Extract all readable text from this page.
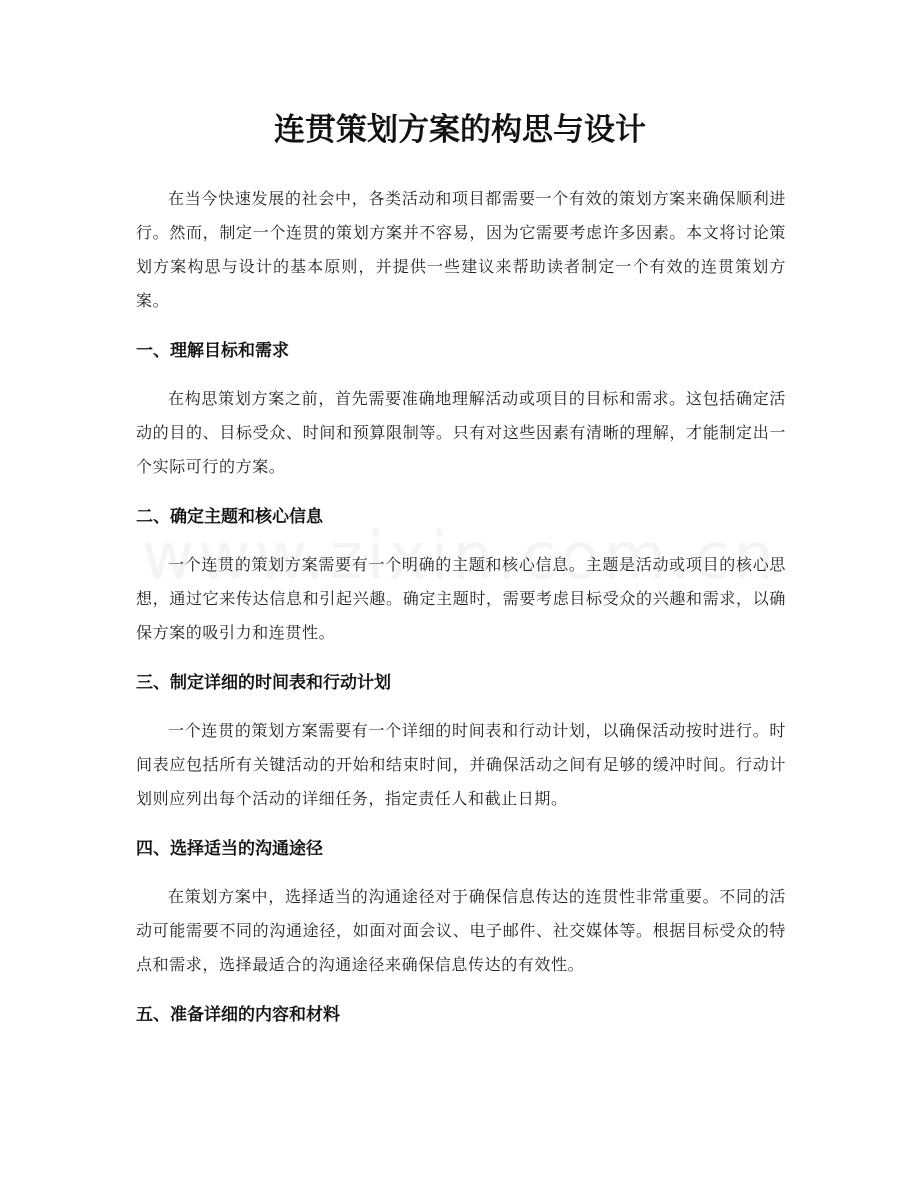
连贯策划方案的构思与设计

在当今快速发展的社会中，各类活动和项目都需要一个有效的策划方案来确保顺利进行。然而，制定一个连贯的策划方案并不容易，因为它需要考虑许多因素。本文将讨论策划方案构思与设计的基本原则，并提供一些建议来帮助读者制定一个有效的连贯策划方案。

一、理解目标和需求

在构思策划方案之前，首先需要准确地理解活动或项目的目标和需求。这包括确定活动的目的、目标受众、时间和预算限制等。只有对这些因素有清晰的理解，才能制定出一个实际可行的方案。

二、确定主题和核心信息

一个连贯的策划方案需要有一个明确的主题和核心信息。主题是活动或项目的核心思想，通过它来传达信息和引起兴趣。确定主题时，需要考虑目标受众的兴趣和需求，以确保方案的吸引力和连贯性。

三、制定详细的时间表和行动计划

一个连贯的策划方案需要有一个详细的时间表和行动计划，以确保活动按时进行。时间表应包括所有关键活动的开始和结束时间，并确保活动之间有足够的缓冲时间。行动计划则应列出每个活动的详细任务，指定责任人和截止日期。

四、选择适当的沟通途径

在策划方案中，选择适当的沟通途径对于确保信息传达的连贯性非常重要。不同的活动可能需要不同的沟通途径，如面对面会议、电子邮件、社交媒体等。根据目标受众的特点和需求，选择最适合的沟通途径来确保信息传达的有效性。

五、准备详细的内容和材料
